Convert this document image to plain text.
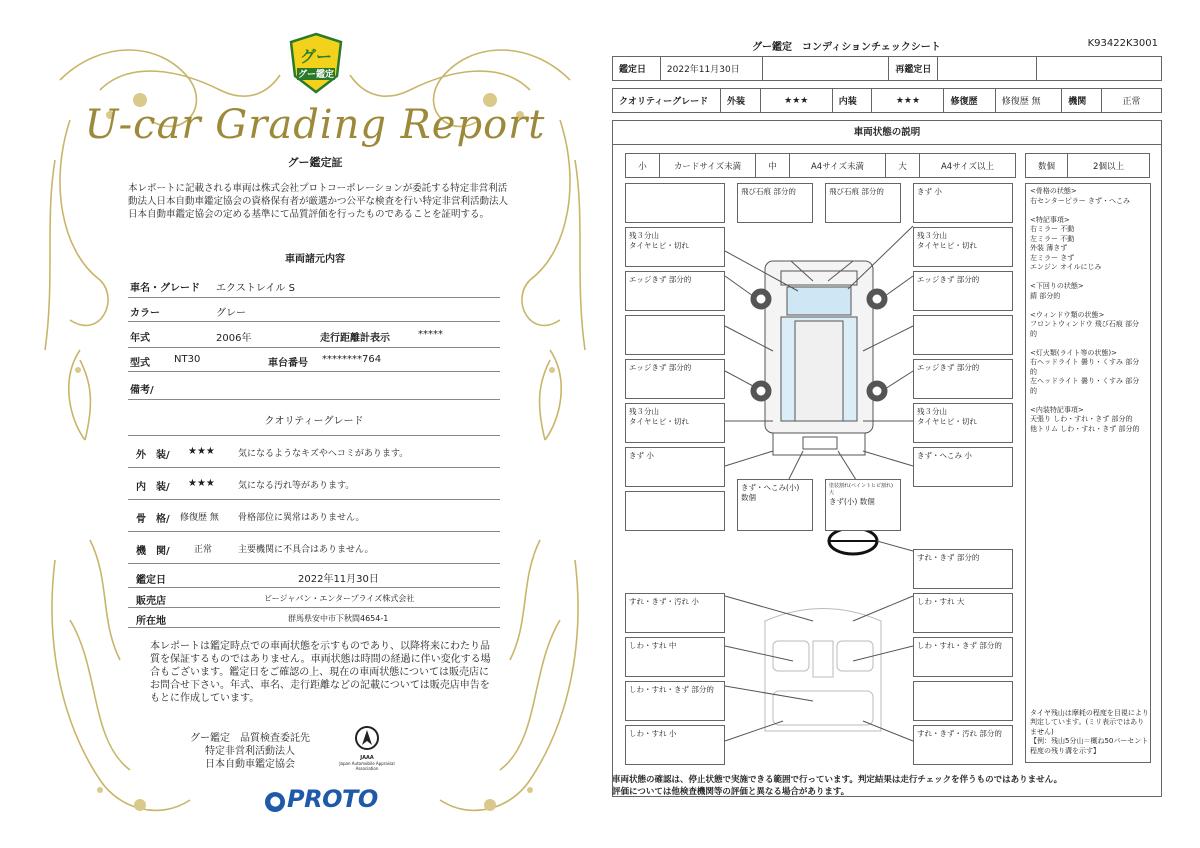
グー
グー鑑定
U-car Grading Report
グー鑑定証
本レポートに記載される車両は株式会社プロトコーポレーションが委託する特定非営利活動法人日本自動車鑑定協会の資格保有者が厳選かつ公平な検査を行い特定非営利活動法人日本自動車鑑定協会の定める基準にて品質評価を行ったものであることを証明する。
車両諸元内容
車名・グレード エクストレイル S
カラー	グレー
年式	2006年	走行距離計表示	*****
型式 NT30	車台番号 ********764
備考/
クオリティーグレード
外　装/ ★★★	気になるようなキズやヘコミがあります。
内　装/ ★★★	気になる汚れ等があります。
骨　格/ 修復歴 無 骨格部位に異常はありません。
機　関/	正常	主要機関に不具合はありません。
鑑定日	2022年11月30日
販売店	ビージャパン・エンタープライズ株式会社
所在地	群馬県安中市下秋間4654-1
本レポートは鑑定時点での車両状態を示すものであり、以降将来にわたり品質を保証するものではありません。車両状態は時間の経過に伴い変化する場合もございます。鑑定日をご確認の上、現在の車両状態については販売店にお問合せ下さい。年式、車名、走行距離などの記載については販売店申告をもとに作成しています。
グー鑑定　品質検査委託先
特定非営利活動法人
日本自動車鑑定協会
JAAA
Japan Automobile Appraisal Association
● PROTO
グー鑑定　コンディションチェックシート	K93422K3001
鑑定日	2022年11月30日		再鑑定日		
クオリティーグレード	外装	★★★	内装	★★★	修復歴	修復歴 無	機関	正常
車両状態の説明
小	カードサイズ未満	中	A4サイズ未満	大	A4サイズ以上	数個	2個以上
残３分山
タイヤヒビ・切れ
エッジきず 部分的
エッジきず 部分的
残３分山
タイヤヒビ・切れ
きず 小
飛び石痕 部分的	飛び石痕 部分的	きず 小
残３分山
タイヤヒビ・切れ
エッジきず 部分的
エッジきず 部分的
残３分山
タイヤヒビ・切れ
きず・へこみ 小
きず・へこみ(小) 数個
塗装割れ(ペイントヒビ割れ) 大
きず(小) 数個
すれ・きず 部分的
すれ・きず・汚れ 小
しわ・すれ 中
しわ・すれ・きず 部分的
しわ・すれ 小
しわ・すれ 大
しわ・すれ・きず 部分的
すれ・きず・汚れ 部分的

<骨格の状態>
右センターピラー きず・へこみ

<特記事項>
右ミラー 不動
左ミラー 不動
外装 薄きず
左ミラー きず
エンジン オイルにじみ

<下回りの状態>
錆 部分的

<ウィンドウ類の状態>
フロントウィンドウ 飛び石痕 部分的

<灯火類(ライト等の状態)>
右ヘッドライト 曇り・くすみ 部分的
左ヘッドライト 曇り・くすみ 部分的

<内装特記事項>
天張り しわ・すれ・きず 部分的
他トリム しわ・すれ・きず 部分的

タイヤ残山は摩耗の程度を目視により判定しています。(ミリ表示ではありません)
【例：残山5分山＝概ね50パーセント程度の残り溝を示す】
車両状態の確認は、停止状態で実施できる範囲で行っています。判定結果は走行チェックを伴うものではありません。
評価については他検査機関等の評価と異なる場合があります。
